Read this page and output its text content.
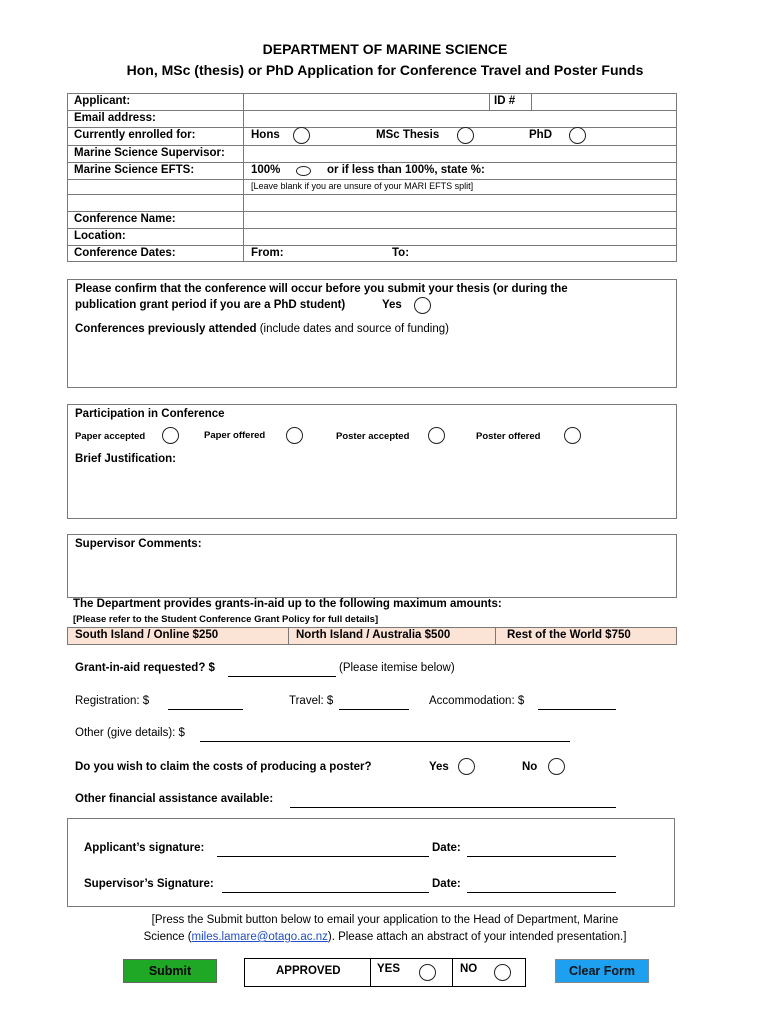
DEPARTMENT OF MARINE SCIENCE
Hon, MSc (thesis) or PhD Application for Conference Travel and Poster Funds
Applicant:	ID #
Email address:
Currently enrolled for:	Hons	MSc Thesis	PhD
Marine Science Supervisor:
Marine Science EFTS:	100%	or if less than 100%, state %:
[Leave blank if you are unsure of your MARI EFTS split]
Conference Name:
Location:
Conference Dates:	From:	To:
Please confirm that the conference will occur before you submit your thesis (or during the
publication grant period if you are a PhD student)	Yes
Conferences previously attended (include dates and source of funding)
Participation in Conference
Paper accepted	Paper offered	Poster accepted	Poster offered
Brief Justification:
Supervisor Comments:
The Department provides grants-in-aid up to the following maximum amounts:
[Please refer to the Student Conference Grant Policy for full details]
South Island / Online $250	North Island / Australia $500	Rest of the World $750
Grant-in-aid requested? $	(Please itemise below)
Registration: $	Travel: $	Accommodation: $
Other (give details): $
Do you wish to claim the costs of producing a poster?	Yes	No
Other financial assistance available:
Applicant’s signature:	Date:
Supervisor’s Signature:	Date:
[Press the Submit button below to email your application to the Head of Department, Marine
Science (miles.lamare@otago.ac.nz). Please attach an abstract of your intended presentation.]
Submit	APPROVED	YES	NO	Clear Form
